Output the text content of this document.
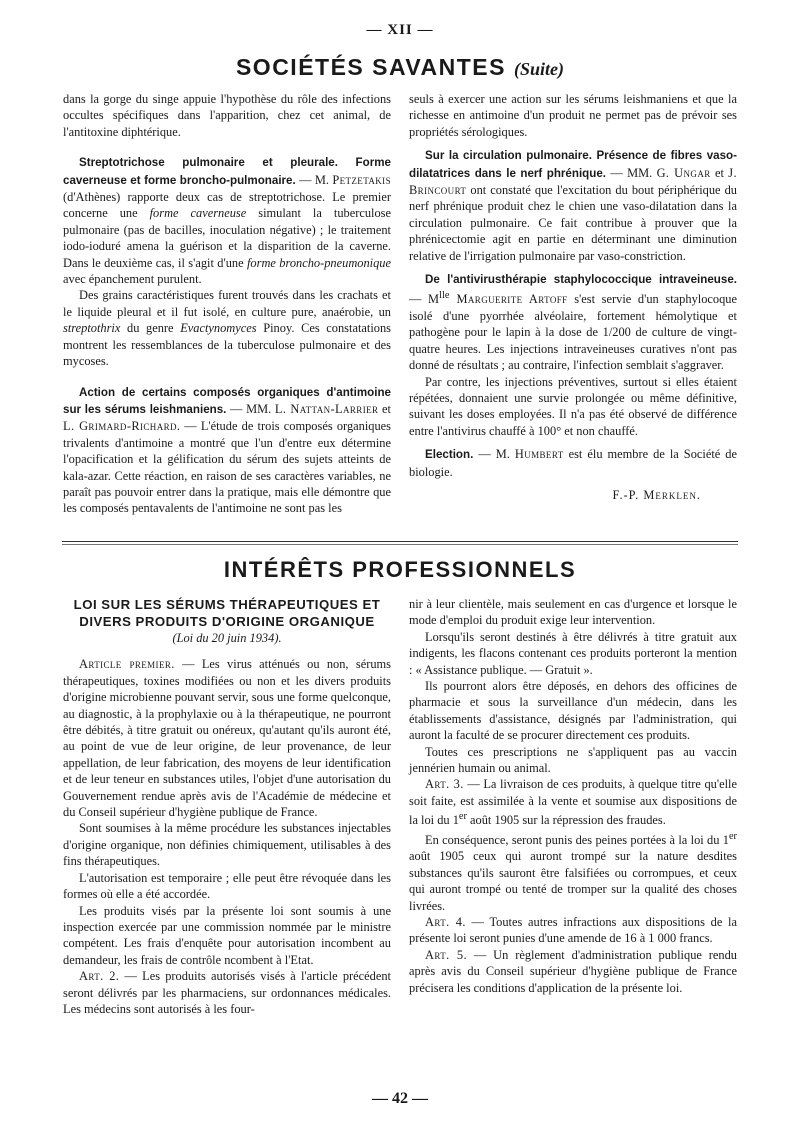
— XII —
SOCIÉTÉS SAVANTES (Suite)

dans la gorge du singe appuie l'hypothèse du rôle des infections occultes spécifiques dans l'apparition, chez cet animal, de l'antitoxine diphtérique.

Streptotrichose pulmonaire et pleurale. Forme caverneuse et forme broncho-pulmonaire. — M. Petzetakis (d'Athènes) rapporte deux cas de streptotrichose. Le premier concerne une forme caverneuse simulant la tuberculose pulmonaire (pas de bacilles, inoculation négative) ; le traitement iodo-ioduré amena la guérison et la disparition de la caverne. Dans le deuxième cas, il s'agit d'une forme broncho-pneumonique avec épanchement purulent.

Des grains caractéristiques furent trouvés dans les crachats et le liquide pleural et il fut isolé, en culture pure, anaérobie, un streptothrix du genre Evactynomyces Pinoy. Ces constatations montrent les ressemblances de la tuberculose pulmonaire et des mycoses.

Action de certains composés organiques d'antimoine sur les sérums leishmaniens. — MM. L. Nattan-Larrier et L. Grimard-Richard. — L'étude de trois composés organiques trivalents d'antimoine a montré que l'un d'entre eux détermine l'opacification et la gélification du sérum des sujets atteints de kala-azar. Cette réaction, en raison de ses caractères variables, ne paraît pas pouvoir entrer dans la pratique, mais elle démontre que les composés pentavalents de l'antimoine ne sont pas les

seuls à exercer une action sur les sérums leishmaniens et que la richesse en antimoine d'un produit ne permet pas de prévoir ses propriétés sérologiques.

Sur la circulation pulmonaire. Présence de fibres vaso-dilatatrices dans le nerf phrénique. — MM. G. Ungar et J. Brincourt ont constaté que l'excitation du bout périphérique du nerf phrénique produit chez le chien une vaso-dilatation dans la circulation pulmonaire. Ce fait contribue à prouver que la phrénicectomie agit en partie en déterminant une diminution relative de l'irrigation pulmonaire par vaso-constriction.

De l'antivirusthérapie staphylococcique intraveineuse. — $M^{lle}$ Marguerite Artoff s'est servie d'un staphylocoque isolé d'une pyorrhée alvéolaire, fortement hémolytique et pathogène pour le lapin à la dose de 1/200 de culture de vingt-quatre heures. Les injections intraveineuses curatives n'ont pas donné de résultats ; au contraire, l'infection semblait s'aggraver.

Par contre, les injections préventives, surtout si elles étaient répétées, donnaient une survie prolongée ou même définitive, suivant les doses employées. Il n'a pas été observé de différence entre l'antivirus chauffé à 100° et non chauffé.

Election. — M. Humbert est élu membre de la Société de biologie.

F.-P. Merklen.
INTÉRÊTS PROFESSIONNELS
LOI SUR LES SÉRUMS THÉRAPEUTIQUES ET
DIVERS PRODUITS D'ORIGINE ORGANIQUE
(Loi du 20 juin 1934).

Article premier. — Les virus atténués ou non, sérums thérapeutiques, toxines modifiées ou non et les divers produits d'origine microbienne pouvant servir, sous une forme quelconque, au diagnostic, à la prophylaxie ou à la thérapeutique, ne pourront être débités, à titre gratuit ou onéreux, qu'autant qu'ils auront été, au point de vue de leur origine, de leur provenance, de leur appellation, de leur fabrication, des moyens de leur identification et de leur teneur en substances utiles, l'objet d'une autorisation du Gouvernement rendue après avis de l'Académie de médecine et du Conseil supérieur d'hygiène publique de France.

Sont soumises à la même procédure les substances injectables d'origine organique, non définies chimiquement, utilisables à des fins thérapeutiques.

L'autorisation est temporaire ; elle peut être révoquée dans les formes où elle a été accordée.

Les produits visés par la présente loi sont soumis à une inspection exercée par une commission nommée par le ministre compétent. Les frais d'enquête pour autorisation incombent au demandeur, les frais de contrôle ncombent à l'Etat.

Art. 2. — Les produits autorisés visés à l'article précédent seront délivrés par les pharmaciens, sur ordonnances médicales. Les médecins sont autorisés à les four-

nir à leur clientèle, mais seulement en cas d'urgence et lorsque le mode d'emploi du produit exige leur intervention.

Lorsqu'ils seront destinés à être délivrés à titre gratuit aux indigents, les flacons contenant ces produits porteront la mention : « Assistance publique. — Gratuit ».

Ils pourront alors être déposés, en dehors des officines de pharmacie et sous la surveillance d'un médecin, dans les établissements d'assistance, désignés par l'administration, qui auront la faculté de se procurer directement ces produits.

Toutes ces prescriptions ne s'appliquent pas au vaccin jennérien humain ou animal.

Art. 3. — La livraison de ces produits, à quelque titre qu'elle soit faite, est assimilée à la vente et soumise aux dispositions de la loi du 1er août 1905 sur la répression des fraudes.

En conséquence, seront punis des peines portées à la loi du 1er août 1905 ceux qui auront trompé sur la nature desdites substances qu'ils sauront être falsifiées ou corrompues, et ceux qui auront trompé ou tenté de tromper sur la qualité des choses livrées.

Art. 4. — Toutes autres infractions aux dispositions de la présente loi seront punies d'une amende de 16 à 1 000 francs.

Art. 5. — Un règlement d'administration publique rendu après avis du Conseil supérieur d'hygiène publique de France précisera les conditions d'application de la présente loi.

— 42 —
